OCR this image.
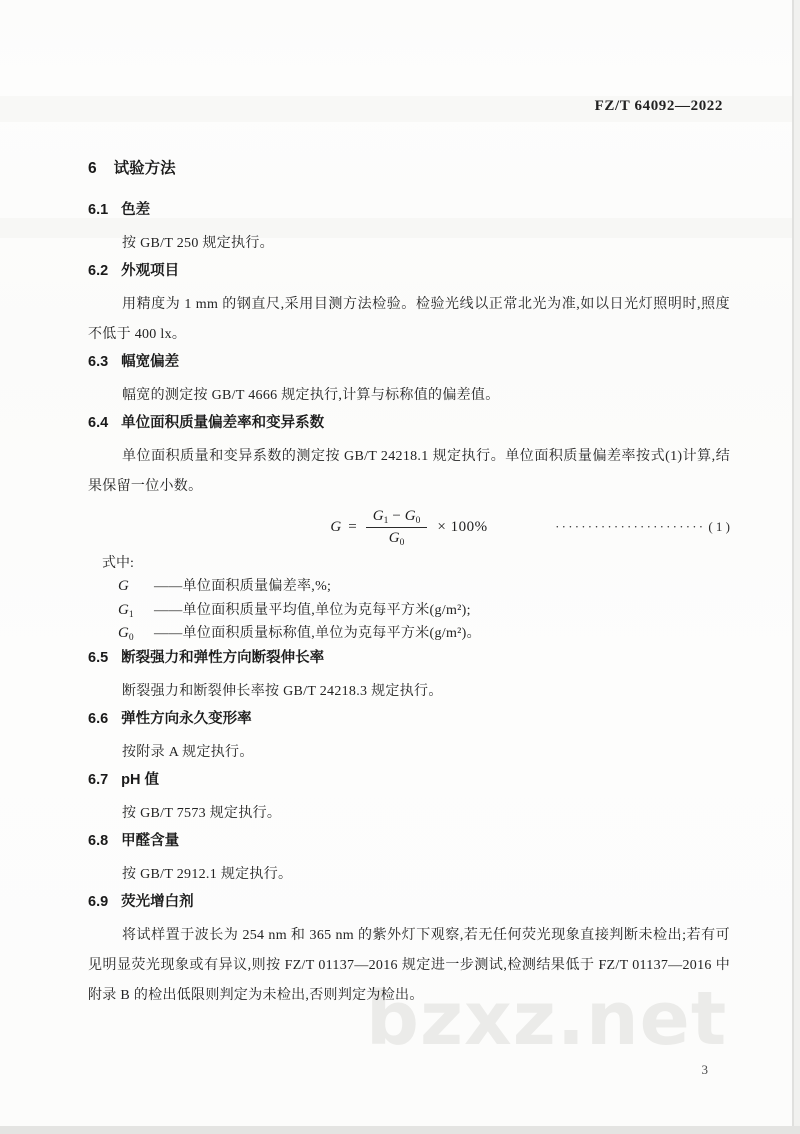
FZ/T 64092—2022
6 试验方法
6.1 色差

按 GB/T 250 规定执行。

6.2 外观项目

用精度为 1 mm 的钢直尺,采用目测方法检验。检验光线以正常北光为准,如以日光灯照明时,照度不低于 400 lx。

6.3 幅宽偏差

幅宽的测定按 GB/T 4666 规定执行,计算与标称值的偏差值。

6.4 单位面积质量偏差率和变异系数

单位面积质量和变异系数的测定按 GB/T 24218.1 规定执行。单位面积质量偏差率按式(1)计算,结果保留一位小数。

$G = \frac{G_1 - G_0}{G_0} \times 100\%$	······················· ( 1 )
式中:
G	——单位面积质量偏差率,%;
$G_1$	——单位面积质量平均值,单位为克每平方米(g/m²);
$G_0$	——单位面积质量标称值,单位为克每平方米(g/m²)。
6.5 断裂强力和弹性方向断裂伸长率

断裂强力和断裂伸长率按 GB/T 24218.3 规定执行。

6.6 弹性方向永久变形率

按附录 A 规定执行。

6.7 pH 值

按 GB/T 7573 规定执行。

6.8 甲醛含量

按 GB/T 2912.1 规定执行。

6.9 荧光增白剂

将试样置于波长为 254 nm 和 365 nm 的紫外灯下观察,若无任何荧光现象直接判断未检出;若有可见明显荧光现象或有异议,则按 FZ/T 01137—2016 规定进一步测试,检测结果低于 FZ/T 01137—2016 中附录 B 的检出低限则判定为未检出,否则判定为检出。

bzxz.net
3
